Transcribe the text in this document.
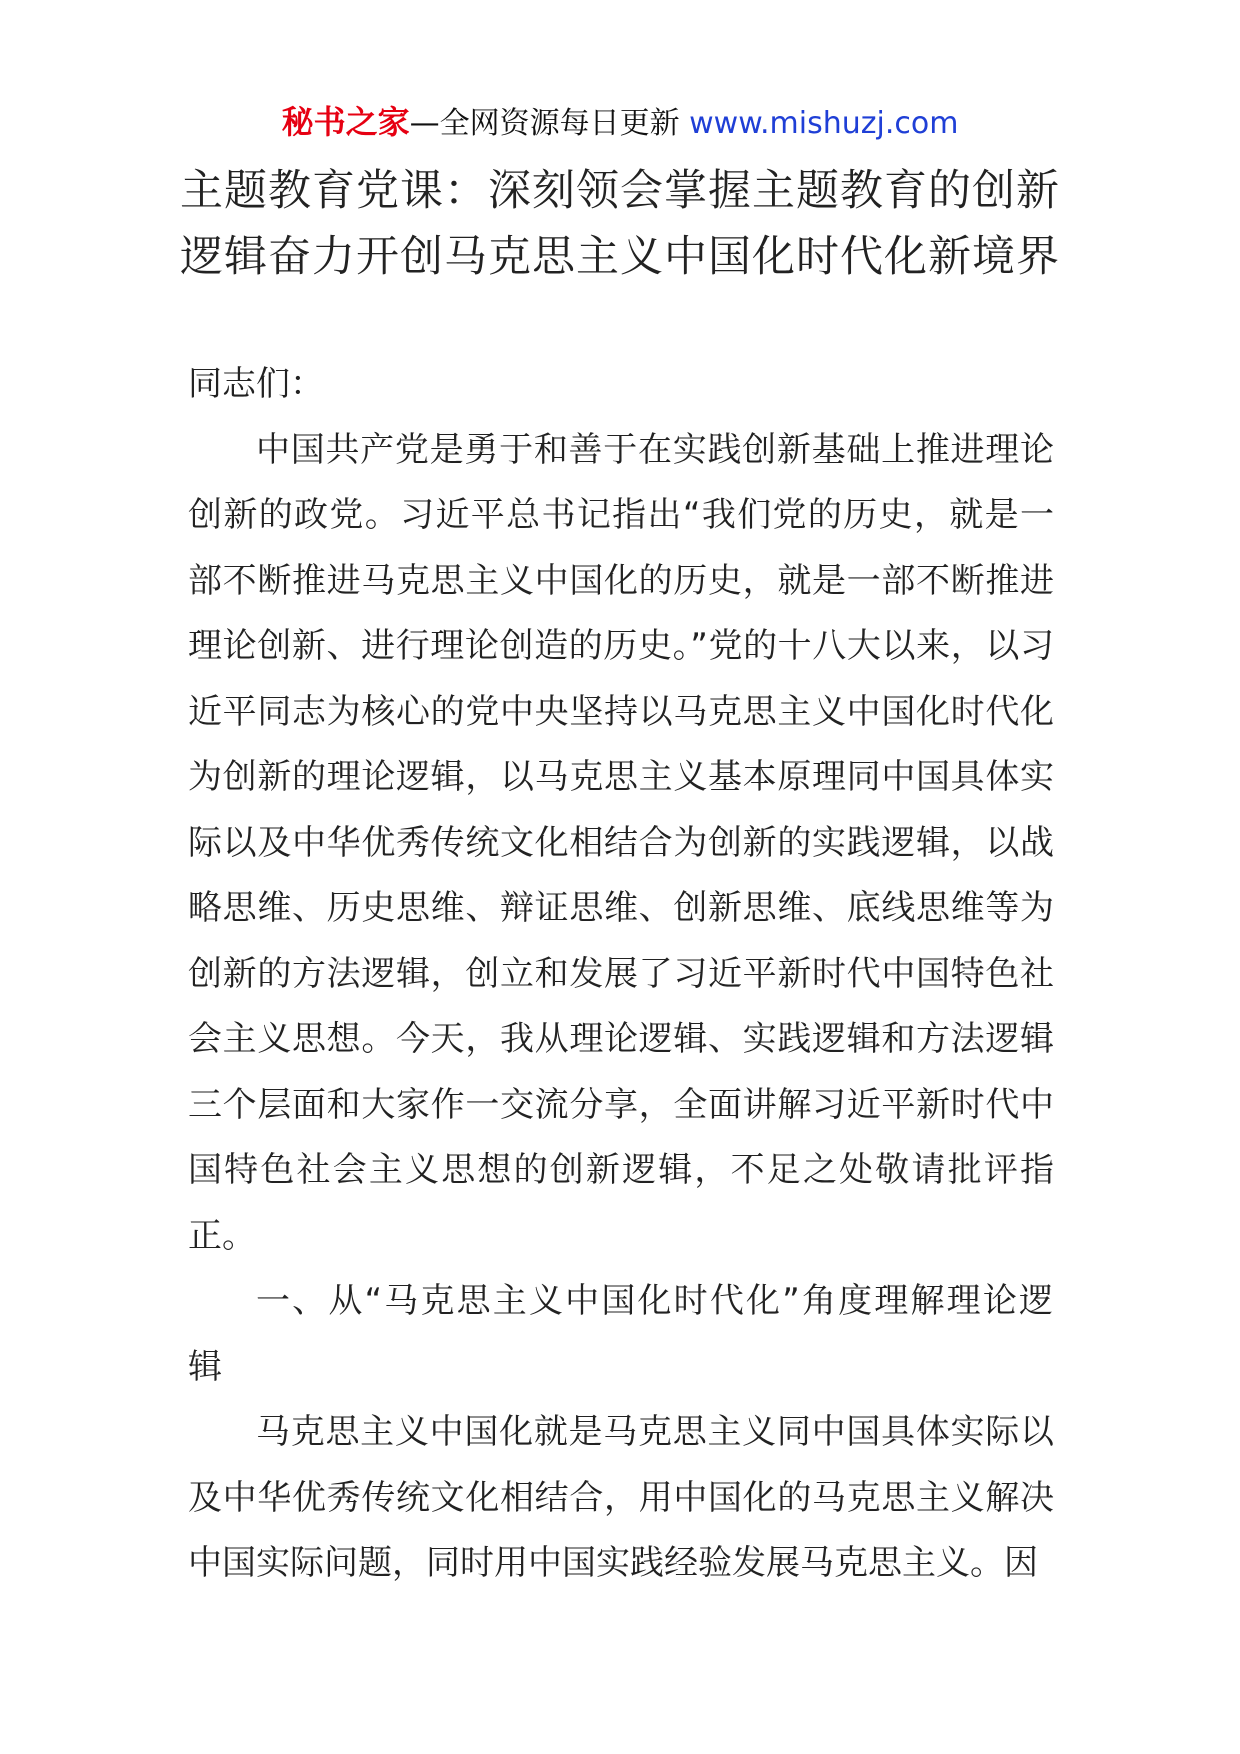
秘书之家—全网资源每日更新 www.mishuzj.com
主题教育党课：深刻领会掌握主题教育的创新
逻辑奋力开创马克思主义中国化时代化新境界

同志们：

中国共产党是勇于和善于在实践创新基础上推进理论创新的政党。习近平总书记指出“我们党的历史，就是一部不断推进马克思主义中国化的历史，就是一部不断推进理论创新、进行理论创造的历史。”党的十八大以来，以习近平同志为核心的党中央坚持以马克思主义中国化时代化为创新的理论逻辑，以马克思主义基本原理同中国具体实际以及中华优秀传统文化相结合为创新的实践逻辑，以战略思维、历史思维、辩证思维、创新思维、底线思维等为创新的方法逻辑，创立和发展了习近平新时代中国特色社会主义思想。今天，我从理论逻辑、实践逻辑和方法逻辑三个层面和大家作一交流分享，全面讲解习近平新时代中国特色社会主义思想的创新逻辑，不足之处敬请批评指正。

一、从“马克思主义中国化时代化”角度理解理论逻辑

马克思主义中国化就是马克思主义同中国具体实际以及中华优秀传统文化相结合，用中国化的马克思主义解决中国实际问题，同时用中国实践经验发展马克思主义。因
